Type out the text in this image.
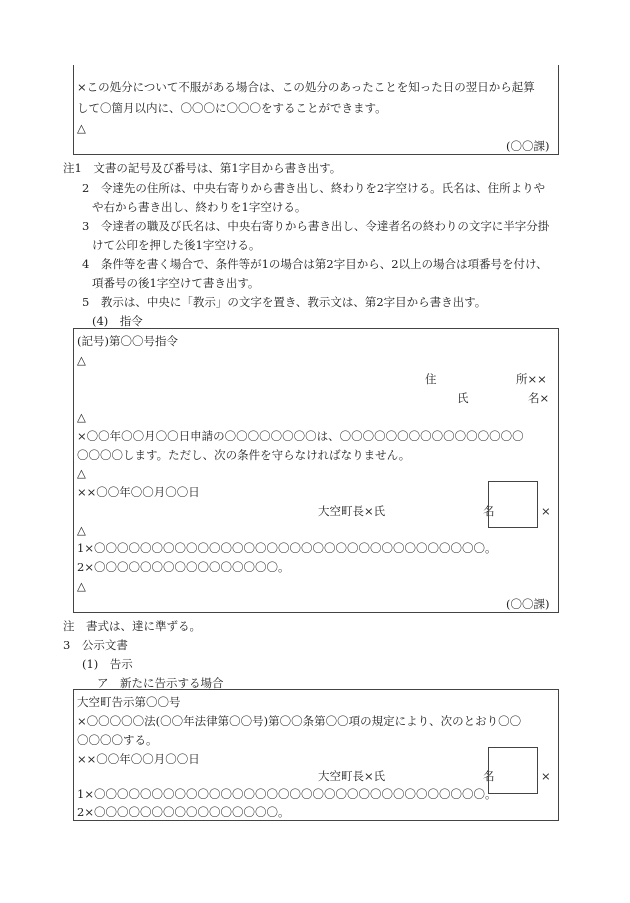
×この処分について不服がある場合は、この処分のあったことを知った日の翌日から起算
して〇箇月以内に、〇〇〇に〇〇〇をすることができます。
△
(〇〇課)
注1　文書の記号及び番号は、第1字目から書き出す。
2　令達先の住所は、中央右寄りから書き出し、終わりを2字空ける。氏名は、住所よりや
や右から書き出し、終わりを1字空ける。
3　令達者の職及び氏名は、中央右寄りから書き出し、令達者名の終わりの文字に半字分掛
けて公印を押した後1字空ける。
4　条件等を書く場合で、条件等が1の場合は第2字目から、2以上の場合は項番号を付け、
項番号の後1字空けて書き出す。
5　教示は、中央に「教示」の文字を置き、教示文は、第2字目から書き出す。
(4)　指令
(記号)第〇〇号指令
△
住	所××
氏	名×
△
×〇〇年〇〇月〇〇日申請の〇〇〇〇〇〇〇〇は、〇〇〇〇〇〇〇〇〇〇〇〇〇〇〇〇
〇〇〇〇します。ただし、次の条件を守らなければなりません。
△
××〇〇年〇〇月〇〇日
大空町長×氏	名	×
△
1×〇〇〇〇〇〇〇〇〇〇〇〇〇〇〇〇〇〇〇〇〇〇〇〇〇〇〇〇〇〇〇〇〇〇。
2×〇〇〇〇〇〇〇〇〇〇〇〇〇〇〇〇。
△
(〇〇課)
注　書式は、達に準ずる。
3　公示文書
(1)　告示
ア　新たに告示する場合
大空町告示第〇〇号
×〇〇〇〇〇法(〇〇年法律第〇〇号)第〇〇条第〇〇項の規定により、次のとおり〇〇
〇〇〇〇する。
××〇〇年〇〇月〇〇日
大空町長×氏	名	×
1×〇〇〇〇〇〇〇〇〇〇〇〇〇〇〇〇〇〇〇〇〇〇〇〇〇〇〇〇〇〇〇〇〇〇。
2×〇〇〇〇〇〇〇〇〇〇〇〇〇〇〇〇。
